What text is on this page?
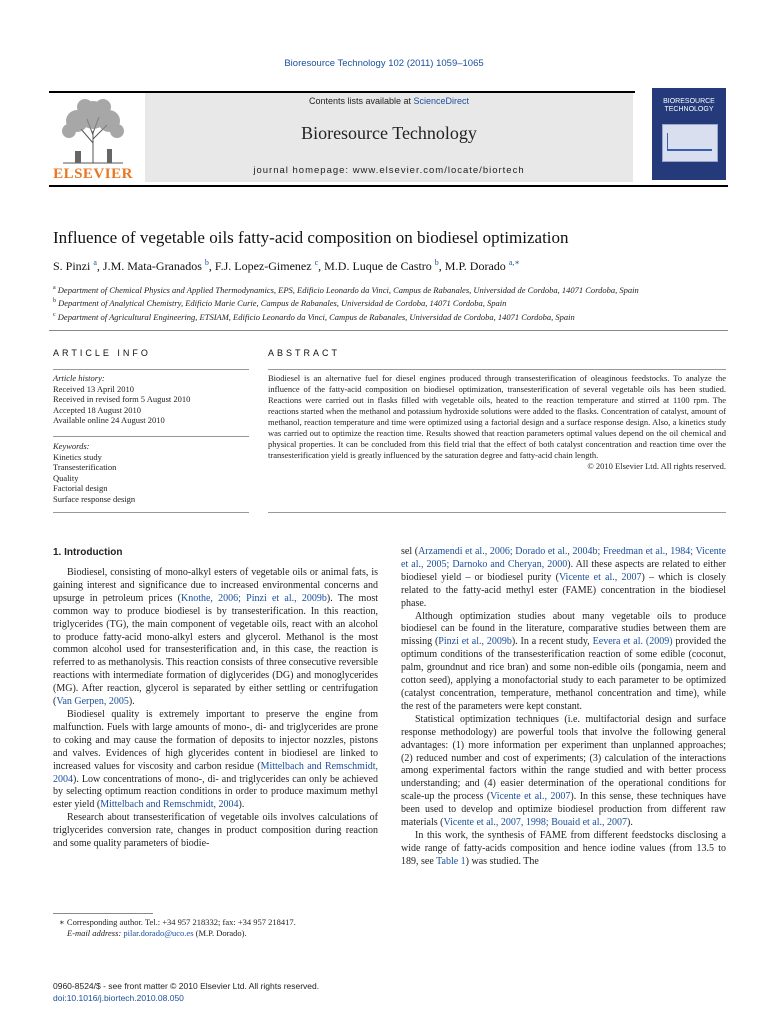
Bioresource Technology 102 (2011) 1059–1065
ELSEVIER
Contents lists available at ScienceDirect
Bioresource Technology
journal homepage: www.elsevier.com/locate/biortech
BIORESOURCE TECHNOLOGY
Influence of vegetable oils fatty-acid composition on biodiesel optimization
S. Pinzi $^a$, J.M. Mata-Granados $^b$, F.J. Lopez-Gimenez $^c$, M.D. Luque de Castro $^b$, M.P. Dorado $^{a,∗}$
$^a$ Department of Chemical Physics and Applied Thermodynamics, EPS, Edificio Leonardo da Vinci, Campus de Rabanales, Universidad de Cordoba, 14071 Cordoba, Spain
$^b$ Department of Analytical Chemistry, Edificio Marie Curie, Campus de Rabanales, Universidad de Cordoba, 14071 Cordoba, Spain
$^c$ Department of Agricultural Engineering, ETSIAM, Edificio Leonardo da Vinci, Campus de Rabanales, Universidad de Cordoba, 14071 Cordoba, Spain
ARTICLE INFO
Article history:
Received 13 April 2010
Received in revised form 5 August 2010
Accepted 18 August 2010
Available online 24 August 2010
Keywords:
Kinetics study
Transesterification
Quality
Factorial design
Surface response design
ABSTRACT
Biodiesel is an alternative fuel for diesel engines produced through transesterification of oleaginous feedstocks. To analyze the influence of the fatty-acid composition on biodiesel optimization, transesterification of several vegetable oils has been studied. Reactions were carried out in flasks filled with vegetable oils, heated to the reaction temperature and stirred at 1100 rpm. The reactions started when the methanol and potassium hydroxide solutions were added to the flasks. Concentration of catalyst, amount of methanol, reaction temperature and time were optimized using a factorial design and a surface response design. Also, a kinetics study was carried out to optimize the reaction time. Results showed that reaction parameters optimal values depend on the oil chemical and physical properties. It can be concluded from this field trial that the effect of both catalyst concentration and reaction time over the transesterification yield is greatly influenced by the saturation degree and fatty-acid chain length.
© 2010 Elsevier Ltd. All rights reserved.
1. Introduction

Biodiesel, consisting of mono-alkyl esters of vegetable oils or animal fats, is gaining interest and significance due to increased environmental concerns and upsurge in petroleum prices (Knothe, 2006; Pinzi et al., 2009b). The most common way to produce biodiesel is by transesterification. In this reaction, triglycerides (TG), the main component of vegetable oils, react with an alcohol to produce fatty-acid mono-alkyl esters and glycerol. Methanol is the most common alcohol used for transesterification and, in this case, the reaction is referred to as methanolysis. This reaction consists of three consecutive reversible reactions with intermediate formation of diglycerides (DG) and monoglycerides (MG). After reaction, glycerol is separated by either settling or centrifugation (Van Gerpen, 2005).

Biodiesel quality is extremely important to preserve the engine from malfunction. Fuels with large amounts of mono-, di- and triglycerides are prone to coking and may cause the formation of deposits to injector nozzles, pistons and valves. Evidences of high glycerides content in biodiesel are linked to increased values for viscosity and carbon residue (Mittelbach and Remschmidt, 2004). Low concentrations of mono-, di- and triglycerides can only be achieved by selecting optimum reaction conditions in order to produce maximum methyl ester yield (Mittelbach and Remschmidt, 2004).

Research about transesterification of vegetable oils involves calculations of triglycerides conversion rate, changes in product composition during reaction and some quality parameters of biodie-

sel (Arzamendi et al., 2006; Dorado et al., 2004b; Freedman et al., 1984; Vicente et al., 2005; Darnoko and Cheryan, 2000). All these aspects are related to either biodiesel yield – or biodiesel purity (Vicente et al., 2007) – which is closely related to the fatty-acid methyl ester (FAME) concentration in the biodiesel phase.

Although optimization studies about many vegetable oils to produce biodiesel can be found in the literature, comparative studies between them are missing (Pinzi et al., 2009b). In a recent study, Eevera et al. (2009) provided the optimum conditions of the transesterification reaction of some edible (coconut, palm, groundnut and rice bran) and some non-edible oils (pongamia, neem and cotton seed), applying a monofactorial study to each parameter to be optimized (catalyst concentration, temperature, methanol concentration and time), while the rest of the parameters were kept constant.

Statistical optimization techniques (i.e. multifactorial design and surface response methodology) are powerful tools that involve the following general advantages: (1) more information per experiment than unplanned approaches; (2) reduced number and cost of experiments; (3) calculation of the interactions among experimental factors within the range studied and with better process understanding; and (4) easier determination of the operational conditions for scale-up the process (Vicente et al., 2007). In this sense, these techniques have been used to develop and optimize biodiesel production from different raw materials (Vicente et al., 2007, 1998; Bouaid et al., 2007).

In this work, the synthesis of FAME from different feedstocks disclosing a wide range of fatty-acids composition and hence iodine values (from 13.5 to 189, see Table 1) was studied. The

∗ Corresponding author. Tel.: +34 957 218332; fax: +34 957 218417.
E-mail address: pilar.dorado@uco.es (M.P. Dorado).
0960-8524/$ - see front matter © 2010 Elsevier Ltd. All rights reserved.
doi:10.1016/j.biortech.2010.08.050
